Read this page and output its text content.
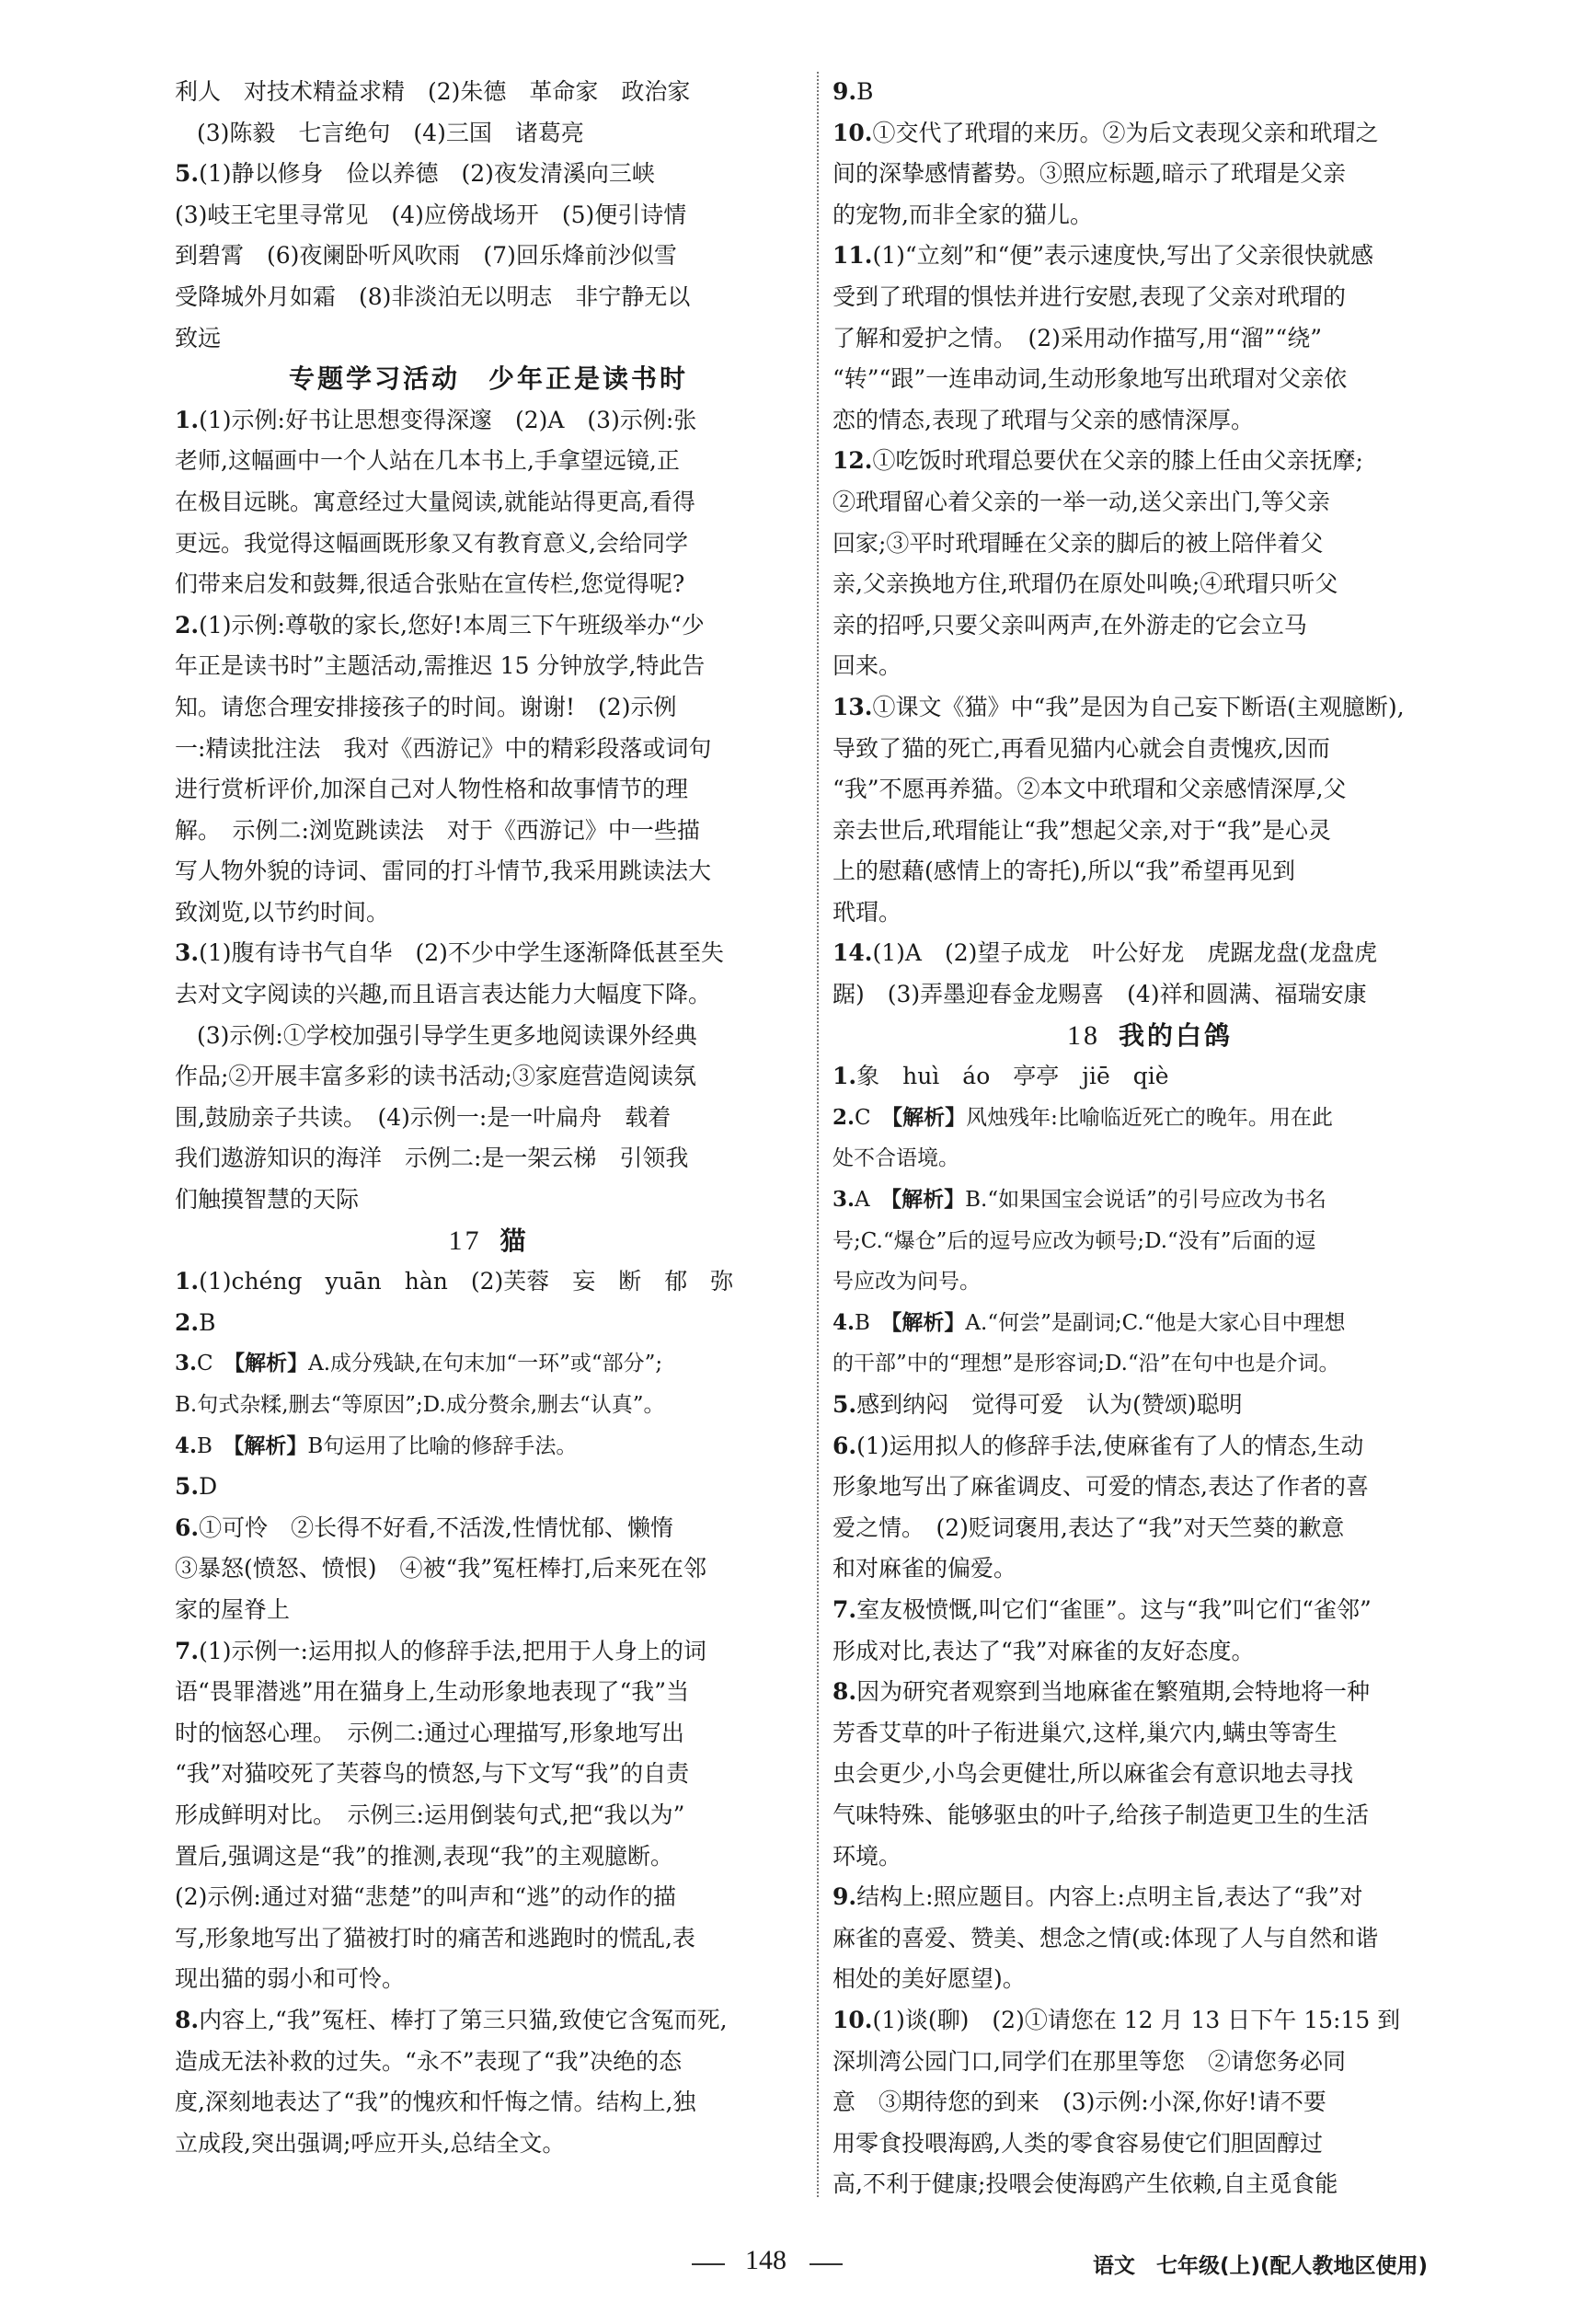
利人　对技术精益求精　(2)朱德　革命家　政治家
(3)陈毅　七言绝句　(4)三国　诸葛亮
5.(1)静以修身　俭以养德　(2)夜发清溪向三峡
(3)岐王宅里寻常见　(4)应傍战场开　(5)便引诗情
到碧霄　(6)夜阑卧听风吹雨　(7)回乐烽前沙似雪
受降城外月如霜　(8)非淡泊无以明志　非宁静无以
致远
专题学习活动　少年正是读书时
1.(1)示例:好书让思想变得深邃　(2)A　(3)示例:张
老师,这幅画中一个人站在几本书上,手拿望远镜,正
在极目远眺。寓意经过大量阅读,就能站得更高,看得
更远。我觉得这幅画既形象又有教育意义,会给同学
们带来启发和鼓舞,很适合张贴在宣传栏,您觉得呢?
2.(1)示例:尊敬的家长,您好!本周三下午班级举办“少
年正是读书时”主题活动,需推迟 15 分钟放学,特此告
知。请您合理安排接孩子的时间。谢谢!　(2)示例
一:精读批注法　我对《西游记》中的精彩段落或词句
进行赏析评价,加深自己对人物性格和故事情节的理
解。　示例二:浏览跳读法　对于《西游记》中一些描
写人物外貌的诗词、雷同的打斗情节,我采用跳读法大
致浏览,以节约时间。
3.(1)腹有诗书气自华　(2)不少中学生逐渐降低甚至失
去对文字阅读的兴趣,而且语言表达能力大幅度下降。
(3)示例:①学校加强引导学生更多地阅读课外经典
作品;②开展丰富多彩的读书活动;③家庭营造阅读氛
围,鼓励亲子共读。　(4)示例一:是一叶扁舟　载着
我们遨游知识的海洋　示例二:是一架云梯　引领我
们触摸智慧的天际
17 猫
1.(1)chéng　yuān　hàn　(2)芙蓉　妄　断　郁　弥
2.B
3.C　【解析】A.成分残缺,在句末加“一环”或“部分”;
B.句式杂糅,删去“等原因”;D.成分赘余,删去“认真”。
4.B　【解析】B句运用了比喻的修辞手法。
5.D
6.①可怜　②长得不好看,不活泼,性情忧郁、懒惰
③暴怒(愤怒、愤恨)　④被“我”冤枉棒打,后来死在邻
家的屋脊上
7.(1)示例一:运用拟人的修辞手法,把用于人身上的词
语“畏罪潜逃”用在猫身上,生动形象地表现了“我”当
时的恼怒心理。　示例二:通过心理描写,形象地写出
“我”对猫咬死了芙蓉鸟的愤怒,与下文写“我”的自责
形成鲜明对比。　示例三:运用倒装句式,把“我以为”
置后,强调这是“我”的推测,表现“我”的主观臆断。
(2)示例:通过对猫“悲楚”的叫声和“逃”的动作的描
写,形象地写出了猫被打时的痛苦和逃跑时的慌乱,表
现出猫的弱小和可怜。
8.内容上,“我”冤枉、棒打了第三只猫,致使它含冤而死,
造成无法补救的过失。“永不”表现了“我”决绝的态
度,深刻地表达了“我”的愧疚和忏悔之情。结构上,独
立成段,突出强调;呼应开头,总结全文。
9.B
10.①交代了玳瑁的来历。②为后文表现父亲和玳瑁之
间的深挚感情蓄势。③照应标题,暗示了玳瑁是父亲
的宠物,而非全家的猫儿。
11.(1)“立刻”和“便”表示速度快,写出了父亲很快就感
受到了玳瑁的惧怯并进行安慰,表现了父亲对玳瑁的
了解和爱护之情。　(2)采用动作描写,用“溜”“绕”
“转”“跟”一连串动词,生动形象地写出玳瑁对父亲依
恋的情态,表现了玳瑁与父亲的感情深厚。
12.①吃饭时玳瑁总要伏在父亲的膝上任由父亲抚摩;
②玳瑁留心着父亲的一举一动,送父亲出门,等父亲
回家;③平时玳瑁睡在父亲的脚后的被上陪伴着父
亲,父亲换地方住,玳瑁仍在原处叫唤;④玳瑁只听父
亲的招呼,只要父亲叫两声,在外游走的它会立马
回来。
13.①课文《猫》中“我”是因为自己妄下断语(主观臆断),
导致了猫的死亡,再看见猫内心就会自责愧疚,因而
“我”不愿再养猫。②本文中玳瑁和父亲感情深厚,父
亲去世后,玳瑁能让“我”想起父亲,对于“我”是心灵
上的慰藉(感情上的寄托),所以“我”希望再见到
玳瑁。
14.(1)A　(2)望子成龙　叶公好龙　虎踞龙盘(龙盘虎
踞)　(3)弄墨迎春金龙赐喜　(4)祥和圆满、福瑞安康
18 我的白鸽
1.象　huì　áo　亭亭　jiē　qiè
2.C　【解析】风烛残年:比喻临近死亡的晚年。用在此
处不合语境。
3.A　【解析】B.“如果国宝会说话”的引号应改为书名
号;C.“爆仓”后的逗号应改为顿号;D.“没有”后面的逗
号应改为问号。
4.B　【解析】A.“何尝”是副词;C.“他是大家心目中理想
的干部”中的“理想”是形容词;D.“沿”在句中也是介词。
5.感到纳闷　觉得可爱　认为(赞颂)聪明
6.(1)运用拟人的修辞手法,使麻雀有了人的情态,生动
形象地写出了麻雀调皮、可爱的情态,表达了作者的喜
爱之情。　(2)贬词褒用,表达了“我”对天竺葵的歉意
和对麻雀的偏爱。
7.室友极愤慨,叫它们“雀匪”。这与“我”叫它们“雀邻”
形成对比,表达了“我”对麻雀的友好态度。
8.因为研究者观察到当地麻雀在繁殖期,会特地将一种
芳香艾草的叶子衔进巢穴,这样,巢穴内,螨虫等寄生
虫会更少,小鸟会更健壮,所以麻雀会有意识地去寻找
气味特殊、能够驱虫的叶子,给孩子制造更卫生的生活
环境。
9.结构上:照应题目。内容上:点明主旨,表达了“我”对
麻雀的喜爱、赞美、想念之情(或:体现了人与自然和谐
相处的美好愿望)。
10.(1)谈(聊)　(2)①请您在 12 月 13 日下午 15:15 到
深圳湾公园门口,同学们在那里等您　②请您务必同
意　③期待您的到来　(3)示例:小深,你好!请不要
用零食投喂海鸥,人类的零食容易使它们胆固醇过
高,不利于健康;投喂会使海鸥产生依赖,自主觅食能
148	语文　七年级(上)(配人教地区使用)
